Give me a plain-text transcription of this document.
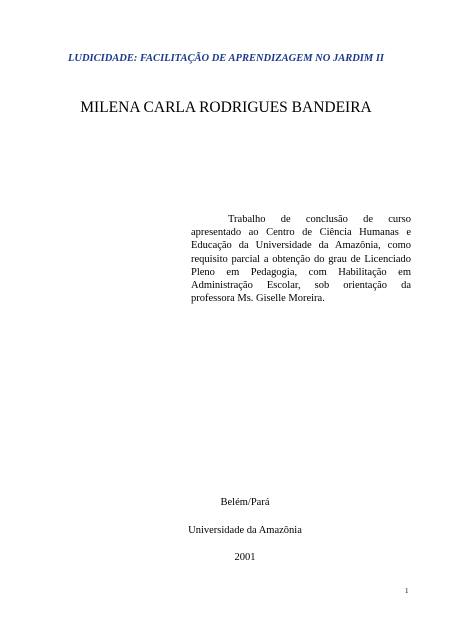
LUDICIDADE: FACILITAÇÃO DE APRENDIZAGEM NO JARDIM II
MILENA CARLA RODRIGUES BANDEIRA
Trabalho de conclusão de curso apresentado ao Centro de Ciência Humanas e Educação da Universidade da Amazônia, como requisito parcial a obtenção do grau de Licenciado Pleno em Pedagogia, com Habilitação em Administração Escolar, sob orientação da professora Ms. Giselle Moreira.
Belém/Pará
Universidade da Amazônia
2001
1
